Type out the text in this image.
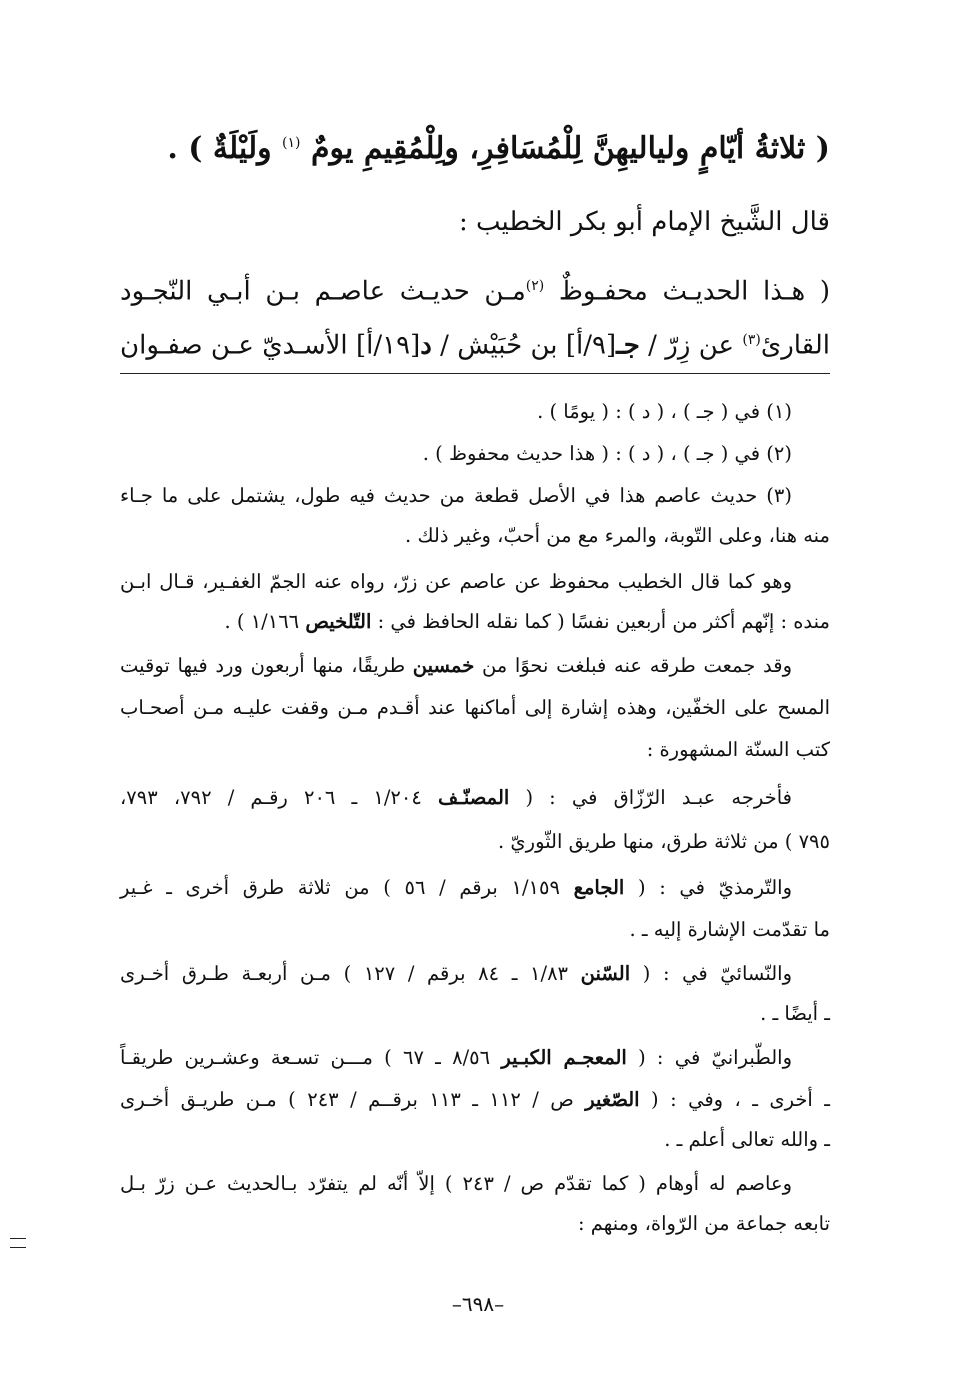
( ثلاثةُ أيّامٍ ولياليهِنَّ لِلْمُسَافِرِ، ولِلْمُقِيمِ يومٌ $^{(١)}$ ولَيْلَةٌ ) .
قال الشَّيخ الإمام أبو بكر الخطيب :
( هـذا الحديـث محفـوظٌ $^{(٢)}$مـن حديـث عاصـم بـن أبـي النّجـود
القارئ$^{(٣)}$ عن زِرّ / جـ[٩/أ] بن حُبَيْش / د[١٩/أ] الأسـديّ عـن صفـوان
(١) في ( جـ ) ، ( د ) : ( يومًا ) .
(٢) في ( جـ ) ، ( د ) : ( هذا حديث محفوظ ) .
(٣) حديث عاصم هذا في الأصل قطعة من حديث فيه طول، يشتمل على ما جـاء
منه هنا، وعلى التّوبة، والمرء مع من أحبّ، وغير ذلك .
وهو كما قال الخطيب محفوظ عن عاصم عن زرّ، رواه عنه الجمّ الغفـير، قـال ابـن
منده : إنّهم أكثر من أربعين نفسًا ( كما نقله الحافظ في : التّلخيص ١/١٦٦ ) .
وقد جمعت طرقه عنه فبلغت نحوًا من خمسين طريقًا، منها أربعون ورد فيها توقيت
المسح على الخفّين، وهذه إشارة إلى أماكنها عند أقـدم مـن وقفت عليـه مـن أصحـاب
كتب السنّة المشهورة :
فأخرجه عبـد الرّزّاق في : ( المصنّـف ١/٢٠٤ ـ ٢٠٦ رقـم / ٧٩٢، ٧٩٣،
٧٩٥ ) من ثلاثة طرق، منها طريق الثّوريّ .
والتّرمذيّ في : ( الجامع ١/١٥٩ برقم / ٥٦ ) من ثلاثة طرق أخرى ـ غـير
ما تقدّمت الإشارة إليه ـ .
والنّسائيّ في : ( السّنن ١/٨٣ ـ ٨٤ برقم / ١٢٧ ) مـن أربعـة طـرق أخـرى
ـ أيضًا ـ .
والطّبرانيّ في : ( المعجـم الكبـير ٨/٥٦ ـ ٦٧ ) مـــن تسـعة وعشـرين طريقـاً
ـ أخرى ـ ، وفي : ( الصّغير ص / ١١٢ ـ ١١٣ برقــم / ٢٤٣ ) مـن طريـق أخـرى
ـ والله تعالى أعلم ـ .
وعاصم له أوهام ( كما تقدّم ص / ٢٤٣ ) إلاّ أنّه لم يتفرّد بـالحديث عـن زرّ بـل
تابعه جماعة من الرّواة، ومنهم :
–٦٩٨–
